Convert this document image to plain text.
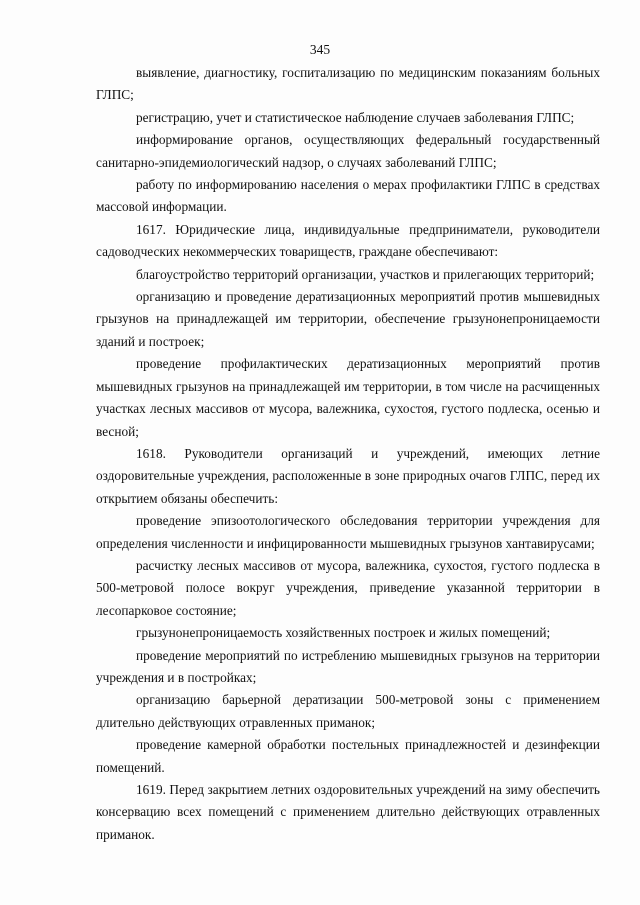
345

выявление, диагностику, госпитализацию по медицинским показаниям больных ГЛПС;

регистрацию, учет и статистическое наблюдение случаев заболевания ГЛПС;

информирование органов, осуществляющих федеральный государственный санитарно-эпидемиологический надзор, о случаях заболеваний ГЛПС;

работу по информированию населения о мерах профилактики ГЛПС в средствах массовой информации.

1617. Юридические лица, индивидуальные предприниматели, руководители садоводческих некоммерческих товариществ, граждане обеспечивают:

благоустройство территорий организации, участков и прилегающих территорий;

организацию и проведение дератизационных мероприятий против мышевидных грызунов на принадлежащей им территории, обеспечение грызунонепроницаемости зданий и построек;

проведение профилактических дератизационных мероприятий против мышевидных грызунов на принадлежащей им территории, в том числе на расчищенных участках лесных массивов от мусора, валежника, сухостоя, густого подлеска, осенью и весной;

1618. Руководители организаций и учреждений, имеющих летние оздоровительные учреждения, расположенные в зоне природных очагов ГЛПС, перед их открытием обязаны обеспечить:

проведение эпизоотологического обследования территории учреждения для определения численности и инфицированности мышевидных грызунов хантавирусами;

расчистку лесных массивов от мусора, валежника, сухостоя, густого подлеска в 500-метровой полосе вокруг учреждения, приведение указанной территории в лесопарковое состояние;

грызунонепроницаемость хозяйственных построек и жилых помещений;

проведение мероприятий по истреблению мышевидных грызунов на территории учреждения и в постройках;

организацию барьерной дератизации 500-метровой зоны с применением длительно действующих отравленных приманок;

проведение камерной обработки постельных принадлежностей и дезинфекции помещений.

1619. Перед закрытием летних оздоровительных учреждений на зиму обеспечить консервацию всех помещений с применением длительно действующих отравленных приманок.
